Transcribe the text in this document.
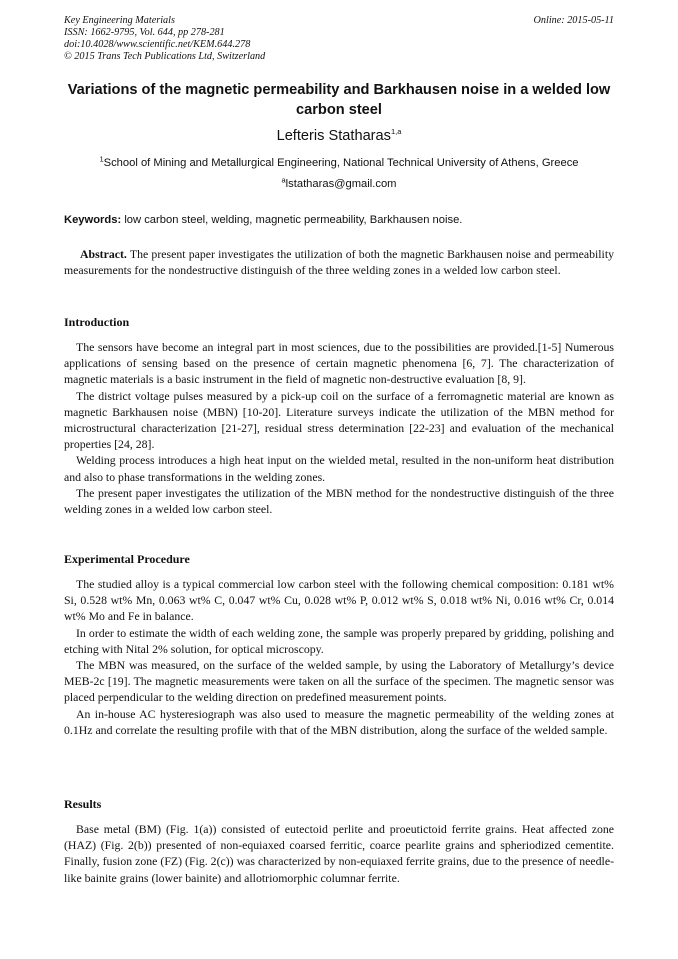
Key Engineering Materials
ISSN: 1662-9795, Vol. 644, pp 278-281
doi:10.4028/www.scientific.net/KEM.644.278
© 2015 Trans Tech Publications Ltd, Switzerland
Online: 2015-05-11
Variations of the magnetic permeability and Barkhausen noise in a welded low carbon steel
Lefteris Statharas$^{1,a}$
$^1$School of Mining and Metallurgical Engineering, National Technical University of Athens, Greece
$^a$lstatharas@gmail.com
Keywords: low carbon steel, welding, magnetic permeability, Barkhausen noise.

Abstract. The present paper investigates the utilization of both the magnetic Barkhausen noise and permeability measurements for the nondestructive distinguish of the three welding zones in a welded low carbon steel.

Introduction

The sensors have become an integral part in most sciences, due to the possibilities are provided.[1-5] Numerous applications of sensing based on the presence of certain magnetic phenomena [6, 7]. The characterization of magnetic materials is a basic instrument in the field of magnetic non-destructive evaluation [8, 9].

The district voltage pulses measured by a pick-up coil on the surface of a ferromagnetic material are known as magnetic Barkhausen noise (MBN) [10-20]. Literature surveys indicate the utilization of the MBN method for microstructural characterization [21-27], residual stress determination [22-23] and evaluation of the mechanical properties [24, 28].

Welding process introduces a high heat input on the wielded metal, resulted in the non-uniform heat distribution and also to phase transformations in the welding zones.

The present paper investigates the utilization of the MBN method for the nondestructive distinguish of the three welding zones in a welded low carbon steel.

Experimental Procedure

The studied alloy is a typical commercial low carbon steel with the following chemical composition: 0.181 wt% Si, 0.528 wt% Mn, 0.063 wt% C, 0.047 wt% Cu, 0.028 wt% P, 0.012 wt% S, 0.018 wt% Ni, 0.016 wt% Cr, 0.014 wt% Mo and Fe in balance.

In order to estimate the width of each welding zone, the sample was properly prepared by gridding, polishing and etching with Nital 2% solution, for optical microscopy.

The MBN was measured, on the surface of the welded sample, by using the Laboratory of Metallurgy’s device MEB-2c [19]. The magnetic measurements were taken on all the surface of the specimen. The magnetic sensor was placed perpendicular to the welding direction on predefined measurement points.

An in-house AC hysteresiograph was also used to measure the magnetic permeability of the welding zones at 0.1Hz and correlate the resulting profile with that of the MBN distribution, along the surface of the welded sample.

Results

Base metal (BM) (Fig. 1(a)) consisted of eutectoid perlite and proeutictoid ferrite grains. Heat affected zone (HAZ) (Fig. 2(b)) presented of non-equiaxed coarsed ferritic, coarce pearlite grains and spheriodized cementite. Finally, fusion zone (FZ) (Fig. 2(c)) was characterized by non-equiaxed ferrite grains, due to the presence of needle-like bainite grains (lower bainite) and allotriomorphic columnar ferrite.
